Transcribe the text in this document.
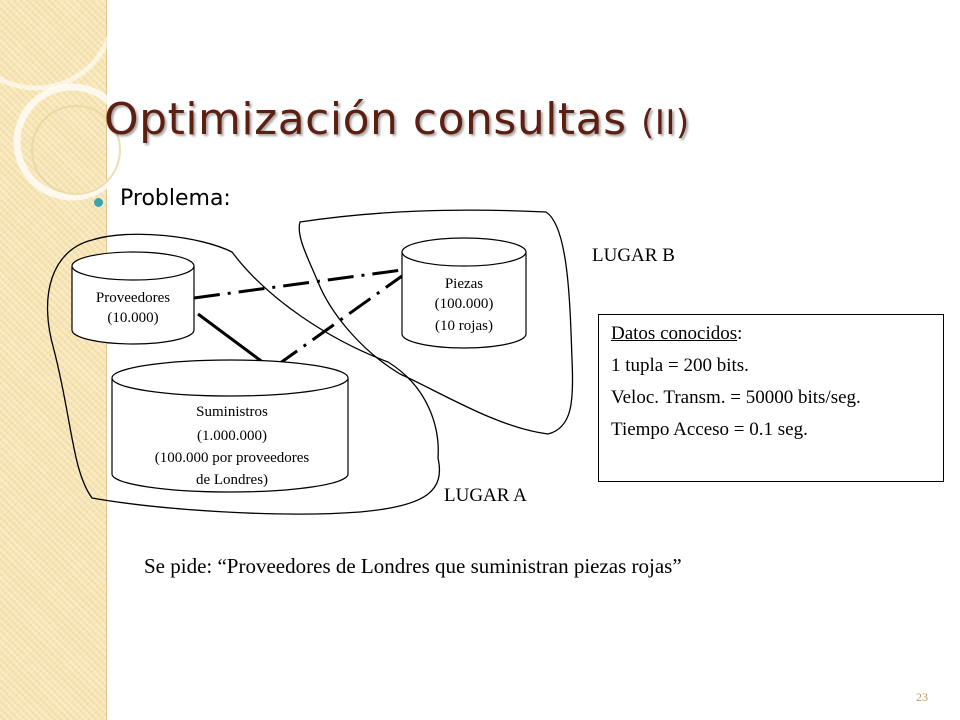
Optimización consultas (II)
Problema:
Proveedores
(10.000)
Piezas
(100.000)
(10 rojas)
Suministros
(1.000.000)
(100.000 por proveedores
de Londres)
LUGAR B
LUGAR A

Datos conocidos:

1 tupla = 200 bits.

Veloc. Transm. = 50000 bits/seg.

Tiempo Acceso = 0.1 seg.

Se pide: “Proveedores de Londres que suministran piezas rojas”
23
